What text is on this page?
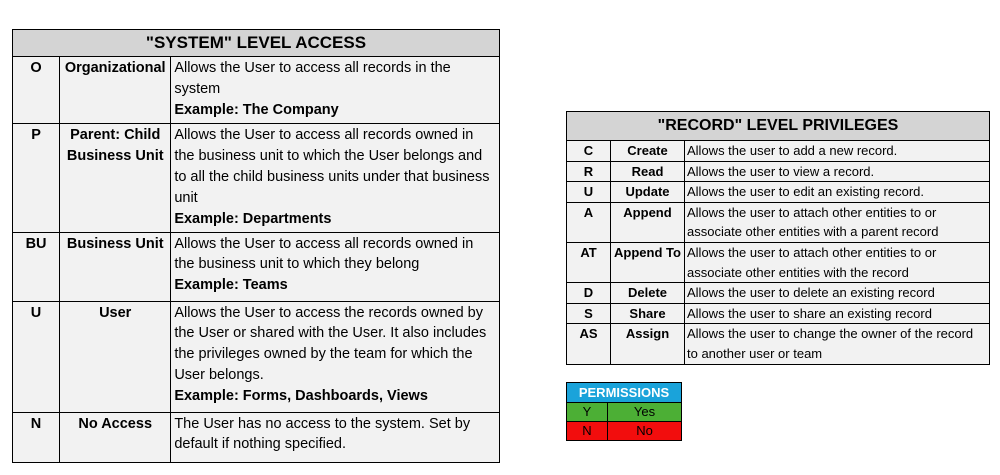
"SYSTEM" LEVEL ACCESS		
O	Organizational	Allows the User to access all records in the system
Example: The Company
P	Parent: Child Business Unit	Allows the User to access all records owned in the business unit to which the User belongs and to all the child business units under that business unit
Example: Departments
BU	Business Unit	Allows the User to access all records owned in the business unit to which they belong
Example: Teams
U	User	Allows the User to access the records owned by the User or shared with the User. It also includes the privileges owned by the team for which the User belongs.
Example: Forms, Dashboards, Views
N	No Access	The User has no access to the system. Set by default if nothing specified.
"RECORD" LEVEL PRIVILEGES		
C	Create	Allows the user to add a new record.

R	Read	Allows the user to view a record.

U	Update	Allows the user to edit an existing record.

A	Append	Allows the user to attach other entities to or
associate other entities with a parent record

AT	Append To	Allows the user to attach other entities to or
associate other entities with the record

D	Delete	Allows the user to delete an existing record

S	Share	Allows the user to share an existing record

AS	Assign	Allows the user to change the owner of the record
to another user or team
PERMISSIONS	
Y	Yes
N	No
